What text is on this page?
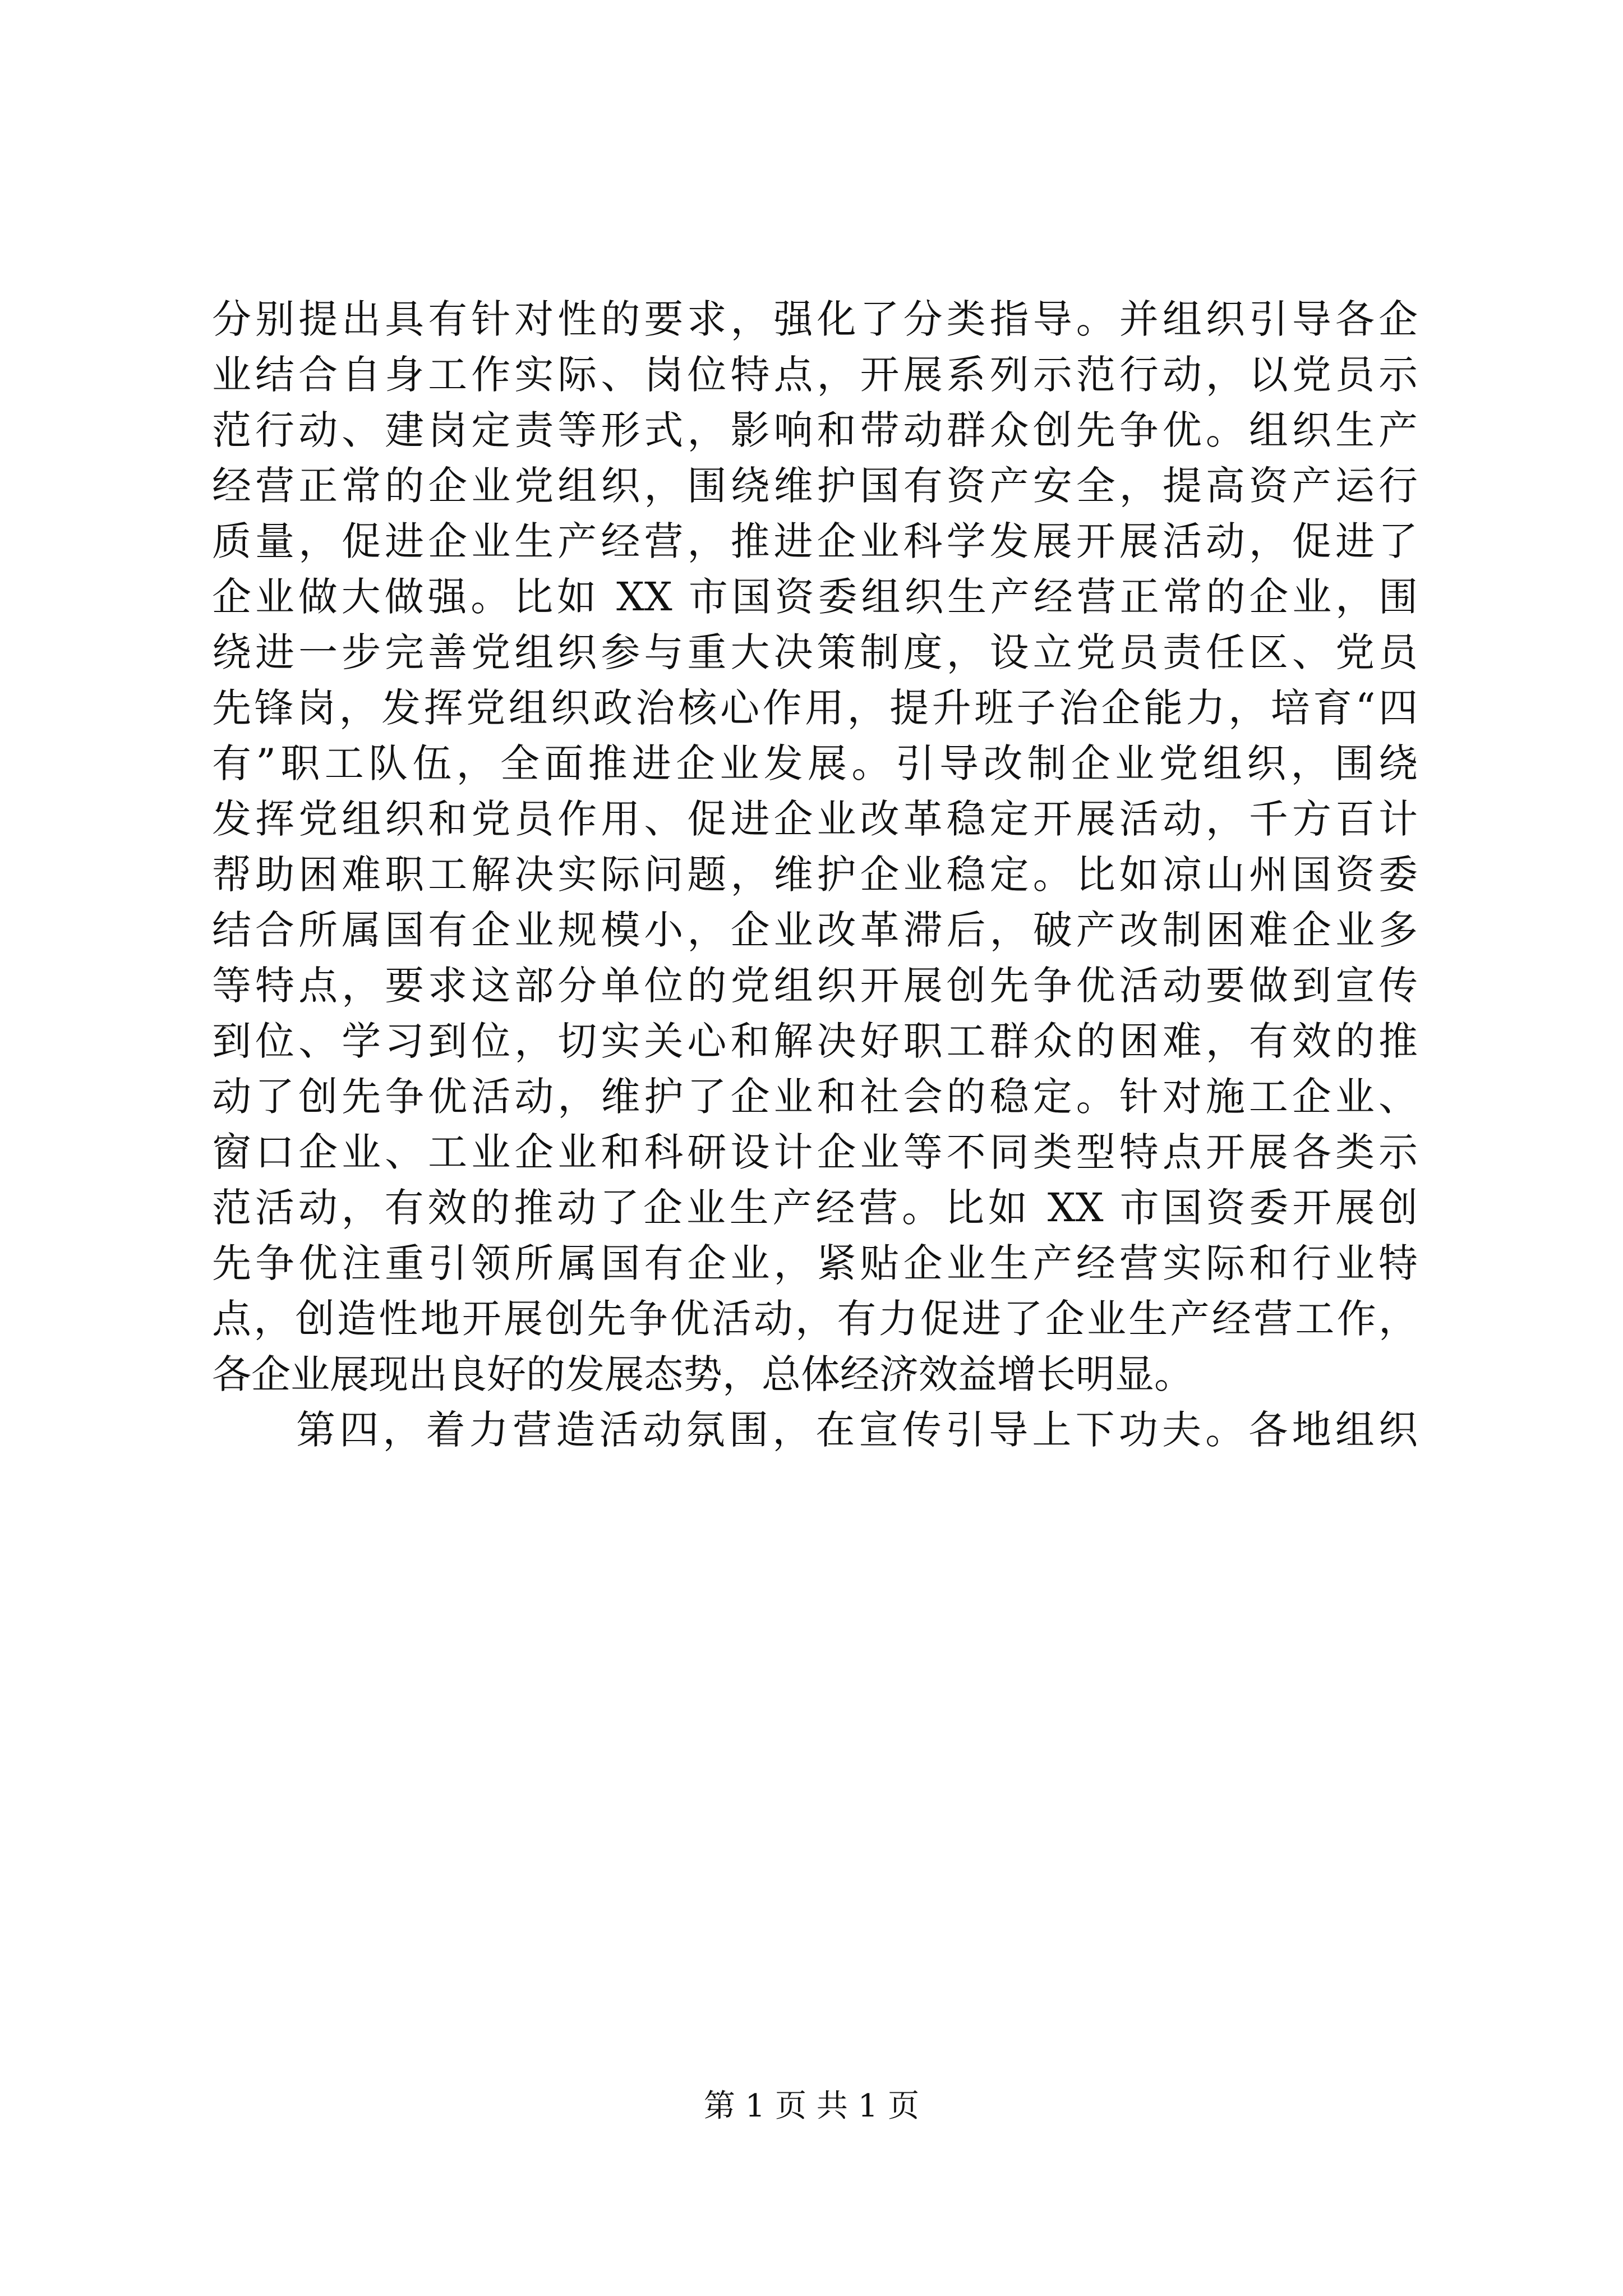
分别提出具有针对性的要求，强化了分类指导。并组织引导各企
业结合自身工作实际、岗位特点，开展系列示范行动，以党员示
范行动、建岗定责等形式，影响和带动群众创先争优。组织生产
经营正常的企业党组织，围绕维护国有资产安全，提高资产运行
质量，促进企业生产经营，推进企业科学发展开展活动，促进了
企业做大做强。比如 XX 市国资委组织生产经营正常的企业，围
绕进一步完善党组织参与重大决策制度，设立党员责任区、党员
先锋岗，发挥党组织政治核心作用，提升班子治企能力，培育“四
有”职工队伍，全面推进企业发展。引导改制企业党组织，围绕
发挥党组织和党员作用、促进企业改革稳定开展活动，千方百计
帮助困难职工解决实际问题，维护企业稳定。比如凉山州国资委
结合所属国有企业规模小，企业改革滞后，破产改制困难企业多
等特点，要求这部分单位的党组织开展创先争优活动要做到宣传
到位、学习到位，切实关心和解决好职工群众的困难，有效的推
动了创先争优活动，维护了企业和社会的稳定。针对施工企业、
窗口企业、工业企业和科研设计企业等不同类型特点开展各类示
范活动，有效的推动了企业生产经营。比如 XX 市国资委开展创
先争优注重引领所属国有企业，紧贴企业生产经营实际和行业特
点，创造性地开展创先争优活动，有力促进了企业生产经营工作，
各企业展现出良好的发展态势，总体经济效益增长明显。
第四，着力营造活动氛围，在宣传引导上下功夫。各地组织
第 1 页 共 1 页
